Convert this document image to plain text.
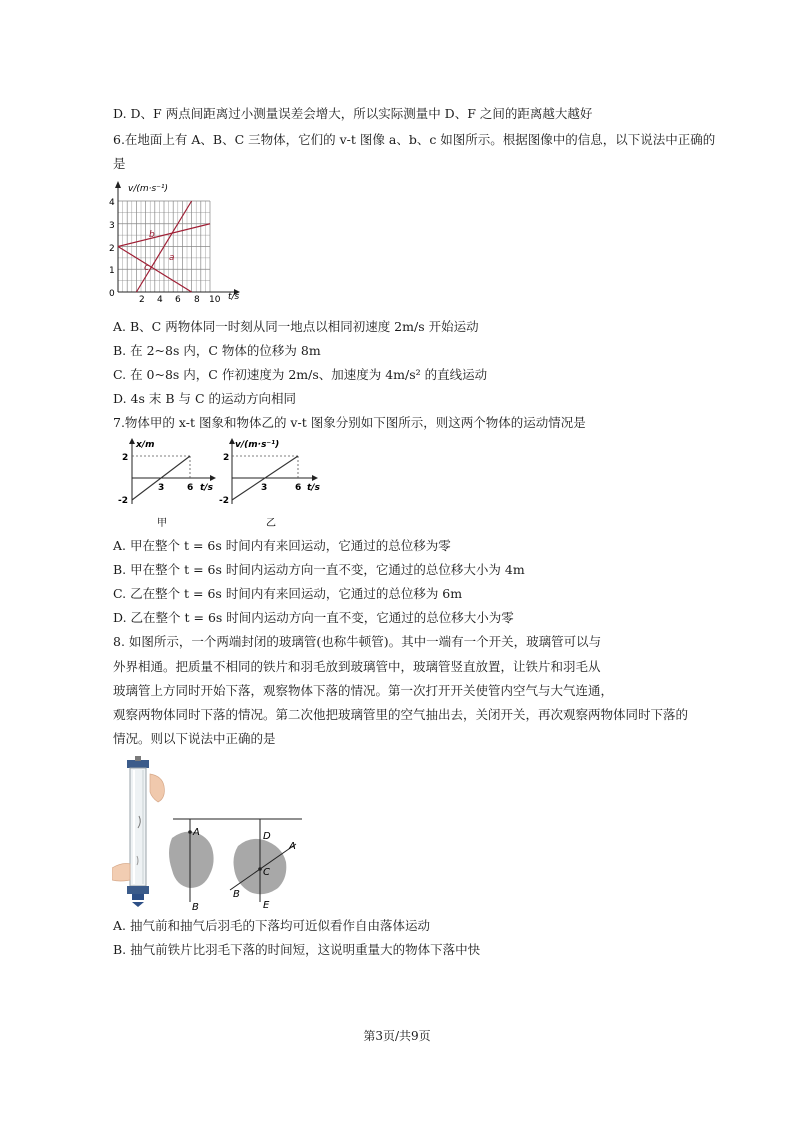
D. D、F 两点间距离过小测量误差会增大，所以实际测量中 D、F 之间的距离越大越好
6.在地面上有 A、B、C 三物体，它们的 v-t 图像 a、b、c 如图所示。根据图像中的信息，以下说法中正确的
是
A. B、C 两物体同一时刻从同一地点以相同初速度 2m/s 开始运动
B. 在 2~8s 内，C 物体的位移为 8m
C. 在 0~8s 内，C 作初速度为 2m/s、加速度为 4m/s² 的直线运动
D. 4s 末 B 与 C 的运动方向相同
7.物体甲的 x-t 图象和物体乙的 v-t 图象分别如下图所示，则这两个物体的运动情况是
A. 甲在整个 t = 6s 时间内有来回运动，它通过的总位移为零
B. 甲在整个 t = 6s 时间内运动方向一直不变，它通过的总位移大小为 4m
C. 乙在整个 t = 6s 时间内有来回运动，它通过的总位移为 6m
D. 乙在整个 t = 6s 时间内运动方向一直不变，它通过的总位移大小为零
8. 如图所示，一个两端封闭的玻璃管(也称牛顿管)。其中一端有一个开关，玻璃管可以与
外界相通。把质量不相同的铁片和羽毛放到玻璃管中，玻璃管竖直放置，让铁片和羽毛从
玻璃管上方同时开始下落，观察物体下落的情况。第一次打开开关使管内空气与大气连通，
观察两物体同时下落的情况。第二次他把玻璃管里的空气抽出去，关闭开关，再次观察两物体同时下落的
情况。则以下说法中正确的是
A. 抽气前和抽气后羽毛的下落均可近似看作自由落体运动
B. 抽气前铁片比羽毛下落的时间短，这说明重量大的物体下落中快
v/(m·s⁻¹)
t/s
4
3
2
1
0
2 4 6 8 10
a
b
c
x/m
t/s
2
-2
3	6
甲
v/(m·s⁻¹)
t/s
2
-2
3	6
乙
A
B
D
A
C
B
E
第3页/共9页
